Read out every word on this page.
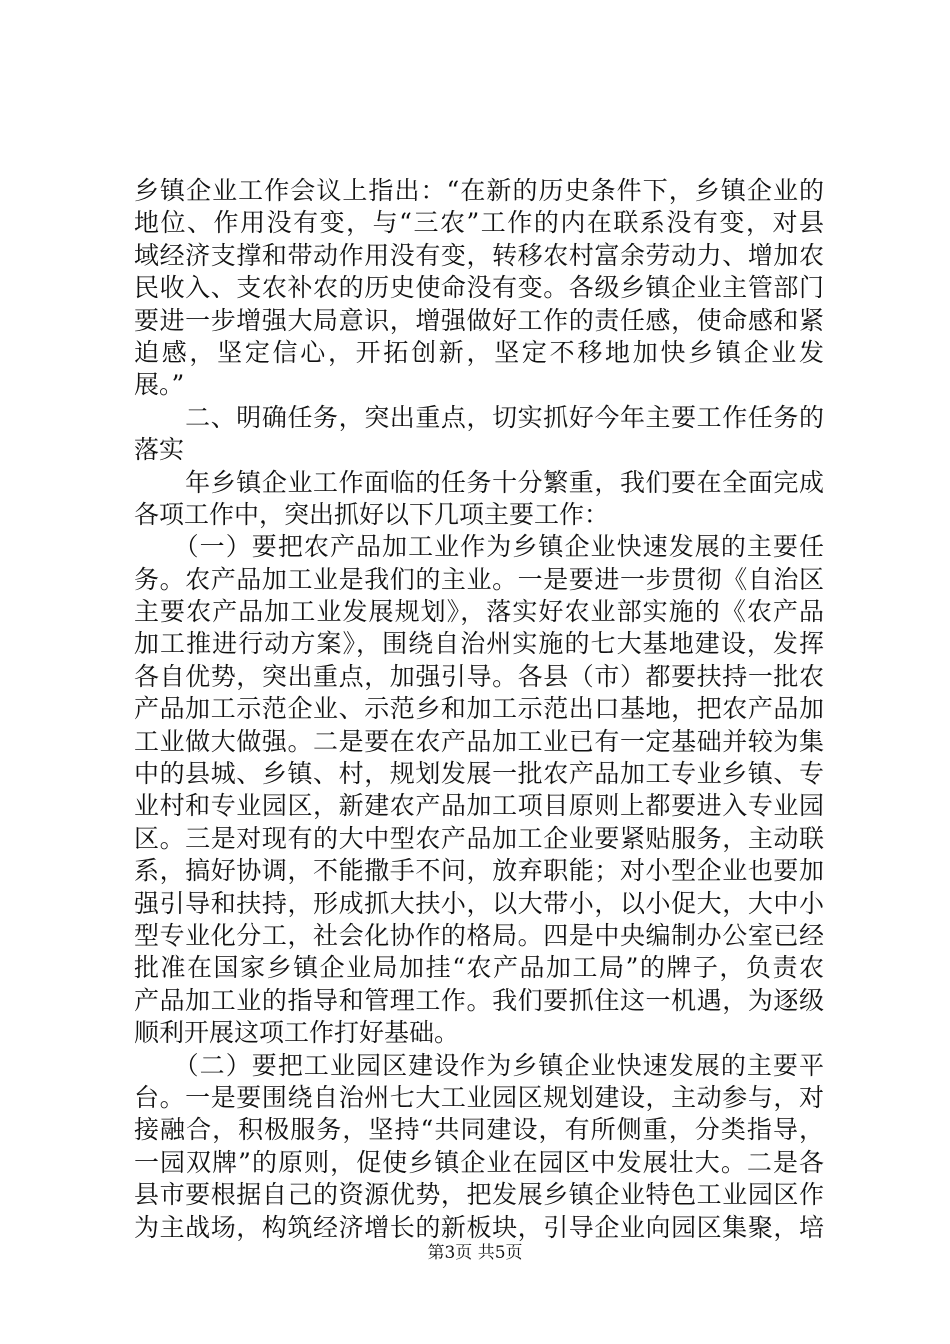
乡镇企业工作会议上指出：“在新的历史条件下，乡镇企业的
地位、作用没有变，与“三农”工作的内在联系没有变，对县
域经济支撑和带动作用没有变，转移农村富余劳动力、增加农
民收入、支农补农的历史使命没有变。各级乡镇企业主管部门
要进一步增强大局意识，增强做好工作的责任感，使命感和紧
迫感，坚定信心，开拓创新，坚定不移地加快乡镇企业发
展。”
　　二、明确任务，突出重点，切实抓好今年主要工作任务的
落实
　　年乡镇企业工作面临的任务十分繁重，我们要在全面完成
各项工作中，突出抓好以下几项主要工作：
　　（一）要把农产品加工业作为乡镇企业快速发展的主要任
务。农产品加工业是我们的主业。一是要进一步贯彻《自治区
主要农产品加工业发展规划》，落实好农业部实施的《农产品
加工推进行动方案》，围绕自治州实施的七大基地建设，发挥
各自优势，突出重点，加强引导。各县（市）都要扶持一批农
产品加工示范企业、示范乡和加工示范出口基地，把农产品加
工业做大做强。二是要在农产品加工业已有一定基础并较为集
中的县城、乡镇、村，规划发展一批农产品加工专业乡镇、专
业村和专业园区，新建农产品加工项目原则上都要进入专业园
区。三是对现有的大中型农产品加工企业要紧贴服务，主动联
系，搞好协调，不能撒手不问，放弃职能；对小型企业也要加
强引导和扶持，形成抓大扶小，以大带小，以小促大，大中小
型专业化分工，社会化协作的格局。四是中央编制办公室已经
批准在国家乡镇企业局加挂“农产品加工局”的牌子，负责农
产品加工业的指导和管理工作。我们要抓住这一机遇，为逐级
顺利开展这项工作打好基础。
　　（二）要把工业园区建设作为乡镇企业快速发展的主要平
台。一是要围绕自治州七大工业园区规划建设，主动参与，对
接融合，积极服务，坚持“共同建设，有所侧重，分类指导，
一园双牌”的原则，促使乡镇企业在园区中发展壮大。二是各
县市要根据自己的资源优势，把发展乡镇企业特色工业园区作
为主战场，构筑经济增长的新板块，引导企业向园区集聚，培
第3页 共5页
